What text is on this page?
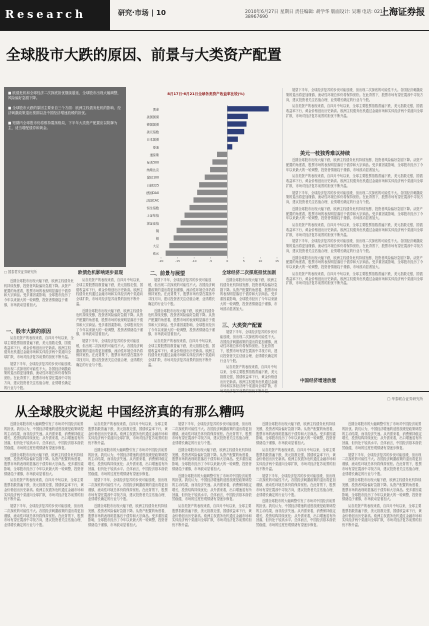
Research	研究·市场 | 10	2010年6月27日 星期日 责任编辑: 胡学华 版面设计: 吴珊 电话: 021-38967690	上海证券报
全球股市大跌的原因、前景与大类资产配置

■ 欧债危机和全球经济二次探底担忧继续蔓延，全球股市出现大幅调整，风险偏好急剧下降。

■ 全球股市大跌的原因主要来自三个方面：欧洲主权债务危机的影响、经济刺激政策退出预期以及中国经济增速放缓的担忧。

■ 短期内全球股市仍将维持震荡格局，下半年大类资产配置应以防御为主，适当增配债券和黄金。

8月17日-6月21日全球各类资产收益率比较(%)

-20	-15	-10	-5	0	5	10	15
黄金
美国国债
德国国债
美元指数
日本国债
原油
道琼斯
标普500
纳斯达克
富时100
日经225
德国DAX
法国CAC
恒生指数
上证综指
深证成指
铜
铝
大豆
欧元

展望下半年，全球经济复苏的步伐可能放缓，但出现二次探底的可能性不大。各国经济刺激政策的退出将更加谨慎，流动性环境总体仍将保持宽松。在此背景下，股票市场有望在震荡中寻找方向，建议投资者关注估值合理、业绩增长确定的行业与个股。

从各类资产的表现来看，自四月中旬以来，全球主要股票指数普遍下跌，美元指数走强，国债收益率下行，黄金价格创出历史新高。欧洲主权债务危机通过金融市场和实体经济两个渠道向全球扩散，市场对经济复苏前景的担忧不断升温。

美元一枝独秀难以持续

近期全球股市出现大幅下跌，欧洲主权债务危机持续发酵，投资者风险偏好急剧下降。从资产配置的角度看，股票市场的表现明显落后于债券和大宗商品。受多重因素影响，全球股市经历了今年以来最大的一轮调整，投资者情绪趋于谨慎，市场波动显著加大。

从各类资产的表现来看，自四月中旬以来，全球主要股票指数普遍下跌，美元指数走强，国债收益率下行，黄金价格创出历史新高。欧洲主权债务危机通过金融市场和实体经济两个渠道向全球扩散，市场对经济复苏前景的担忧不断升温。

展望下半年，全球经济复苏的步伐可能放缓，但出现二次探底的可能性不大。各国经济刺激政策的退出将更加谨慎，流动性环境总体仍将保持宽松。在此背景下，股票市场有望在震荡中寻找方向，建议投资者关注估值合理、业绩增长确定的行业与个股。

近期全球股市出现大幅下跌，欧洲主权债务危机持续发酵，投资者风险偏好急剧下降。从资产配置的角度看，股票市场的表现明显落后于债券和大宗商品。受多重因素影响，全球股市经历了今年以来最大的一轮调整，投资者情绪趋于谨慎，市场波动显著加大。

从各类资产的表现来看，自四月中旬以来，全球主要股票指数普遍下跌，美元指数走强，国债收益率下行，黄金价格创出历史新高。欧洲主权债务危机通过金融市场和实体经济两个渠道向全球扩散，市场对经济复苏前景的担忧不断升温。

展望下半年，全球经济复苏的步伐可能放缓，但出现二次探底的可能性不大。各国经济刺激政策的退出将更加谨慎，流动性环境总体仍将保持宽松。在此背景下，股票市场有望在震荡中寻找方向，建议投资者关注估值合理、业绩增长确定的行业与个股。

近期全球股市出现大幅下跌，欧洲主权债务危机持续发酵，投资者风险偏好急剧下降。从资产配置的角度看，股票市场的表现明显落后于债券和大宗商品。受多重因素影响，全球股市经历了今年以来最大的一轮调整，投资者情绪趋于谨慎，市场波动显著加大。

从各类资产的表现来看，自四月中旬以来，全球主要股票指数普遍下跌，美元指数走强，国债收益率下行，黄金价格创出历史新高。欧洲主权债务危机通过金融市场和实体经济两个渠道向全球扩散，市场对经济复苏前景的担忧不断升温。

□ 国泰君安证券研究所

近期全球股市出现大幅下跌，欧洲主权债务危机持续发酵，投资者风险偏好急剧下降。从资产配置的角度看，股票市场的表现明显落后于债券和大宗商品。受多重因素影响，全球股市经历了今年以来最大的一轮调整，投资者情绪趋于谨慎，市场波动显著加大。

一、股市大跌的原因

从各类资产的表现来看，自四月中旬以来，全球主要股票指数普遍下跌，美元指数走强，国债收益率下行，黄金价格创出历史新高。欧洲主权债务危机通过金融市场和实体经济两个渠道向全球扩散，市场对经济复苏前景的担忧不断升温。

展望下半年，全球经济复苏的步伐可能放缓，但出现二次探底的可能性不大。各国经济刺激政策的退出将更加谨慎，流动性环境总体仍将保持宽松。在此背景下，股票市场有望在震荡中寻找方向，建议投资者关注估值合理、业绩增长确定的行业与个股。

欧债危机影响逐步显现

从各类资产的表现来看，自四月中旬以来，全球主要股票指数普遍下跌，美元指数走强，国债收益率下行，黄金价格创出历史新高。欧洲主权债务危机通过金融市场和实体经济两个渠道向全球扩散，市场对经济复苏前景的担忧不断升温。

近期全球股市出现大幅下跌，欧洲主权债务危机持续发酵，投资者风险偏好急剧下降。从资产配置的角度看，股票市场的表现明显落后于债券和大宗商品。受多重因素影响，全球股市经历了今年以来最大的一轮调整，投资者情绪趋于谨慎，市场波动显著加大。

展望下半年，全球经济复苏的步伐可能放缓，但出现二次探底的可能性不大。各国经济刺激政策的退出将更加谨慎，流动性环境总体仍将保持宽松。在此背景下，股票市场有望在震荡中寻找方向，建议投资者关注估值合理、业绩增长确定的行业与个股。

二、前景与展望

展望下半年，全球经济复苏的步伐可能放缓，但出现二次探底的可能性不大。各国经济刺激政策的退出将更加谨慎，流动性环境总体仍将保持宽松。在此背景下，股票市场有望在震荡中寻找方向，建议投资者关注估值合理、业绩增长确定的行业与个股。

近期全球股市出现大幅下跌，欧洲主权债务危机持续发酵，投资者风险偏好急剧下降。从资产配置的角度看，股票市场的表现明显落后于债券和大宗商品。受多重因素影响，全球股市经历了今年以来最大的一轮调整，投资者情绪趋于谨慎，市场波动显著加大。

从各类资产的表现来看，自四月中旬以来，全球主要股票指数普遍下跌，美元指数走强，国债收益率下行，黄金价格创出历史新高。欧洲主权债务危机通过金融市场和实体经济两个渠道向全球扩散，市场对经济复苏前景的担忧不断升温。

全球经济二次探底担忧加剧

近期全球股市出现大幅下跌，欧洲主权债务危机持续发酵，投资者风险偏好急剧下降。从资产配置的角度看，股票市场的表现明显落后于债券和大宗商品。受多重因素影响，全球股市经历了今年以来最大的一轮调整，投资者情绪趋于谨慎，市场波动显著加大。

三、大类资产配置

展望下半年，全球经济复苏的步伐可能放缓，但出现二次探底的可能性不大。各国经济刺激政策的退出将更加谨慎，流动性环境总体仍将保持宽松。在此背景下，股票市场有望在震荡中寻找方向，建议投资者关注估值合理、业绩增长确定的行业与个股。

从各类资产的表现来看，自四月中旬以来，全球主要股票指数普遍下跌，美元指数走强，国债收益率下行，黄金价格创出历史新高。欧洲主权债务危机通过金融市场和实体经济两个渠道向全球扩散，市

中国经济增速放缓
□ 华泰联合证券研究所
从全球股灾说起 中国经济真的有那么糟吗

近期全球股市的大幅调整引发了市场对中国经济前景的担忧。我们认为，中国经济增速的适度放缓是政策调控的主动结果，而非经济失速。从内需来看，消费保持稳定增长，投资结构持续优化；从外需来看，出口增速虽有所回落，但仍处于较高水平。总体而言，中国经济基本面依然稳健，市场的过度悲观情绪有望逐步修复。

近期全球股市出现大幅下跌，欧洲主权债务危机持续发酵，投资者风险偏好急剧下降。从资产配置的角度看，股票市场的表现明显落后于债券和大宗商品。受多重因素影响，全球股市经历了今年以来最大的一轮调整，投资者情绪趋于谨慎，市场波动显著加大。

从各类资产的表现来看，自四月中旬以来，全球主要股票指数普遍下跌，美元指数走强，国债收益率下行，黄金价格创出历史新高。欧洲主权债务危机通过金融市场和实体经济两个渠道向全球扩散，市场对经济复苏前景的担忧不断升温。

展望下半年，全球经济复苏的步伐可能放缓，但出现二次探底的可能性不大。各国经济刺激政策的退出将更加谨慎，流动性环境总体仍将保持宽松。在此背景下，股票市场有望在震荡中寻找方向，建议投资者关注估值合理、业绩增长确定的行业与个股。

从各类资产的表现来看，自四月中旬以来，全球主要股票指数普遍下跌，美元指数走强，国债收益率下行，黄金价格创出历史新高。欧洲主权债务危机通过金融市场和实体经济两个渠道向全球扩散，市场对经济复苏前景的担忧不断升温。

近期全球股市的大幅调整引发了市场对中国经济前景的担忧。我们认为，中国经济增速的适度放缓是政策调控的主动结果，而非经济失速。从内需来看，消费保持稳定增长，投资结构持续优化；从外需来看，出口增速虽有所回落，但仍处于较高水平。总体而言，中国经济基本面依然稳健，市场的过度悲观情绪有望逐步修复。

展望下半年，全球经济复苏的步伐可能放缓，但出现二次探底的可能性不大。各国经济刺激政策的退出将更加谨慎，流动性环境总体仍将保持宽松。在此背景下，股票市场有望在震荡中寻找方向，建议投资者关注估值合理、业绩增长确定的行业与个股。

近期全球股市出现大幅下跌，欧洲主权债务危机持续发酵，投资者风险偏好急剧下降。从资产配置的角度看，股票市场的表现明显落后于债券和大宗商品。受多重因素影响，全球股市经历了今年以来最大的一轮调整，投资者情绪趋于谨慎，市场波动显著加大。

展望下半年，全球经济复苏的步伐可能放缓，但出现二次探底的可能性不大。各国经济刺激政策的退出将更加谨慎，流动性环境总体仍将保持宽松。在此背景下，股票市场有望在震荡中寻找方向，建议投资者关注估值合理、业绩增长确定的行业与个股。

近期全球股市出现大幅下跌，欧洲主权债务危机持续发酵，投资者风险偏好急剧下降。从资产配置的角度看，股票市场的表现明显落后于债券和大宗商品。受多重因素影响，全球股市经历了今年以来最大的一轮调整，投资者情绪趋于谨慎，市场波动显著加大。

近期全球股市的大幅调整引发了市场对中国经济前景的担忧。我们认为，中国经济增速的适度放缓是政策调控的主动结果，而非经济失速。从内需来看，消费保持稳定增长，投资结构持续优化；从外需来看，出口增速虽有所回落，但仍处于较高水平。总体而言，中国经济基本面依然稳健，市场的过度悲观情绪有望逐步修复。

从各类资产的表现来看，自四月中旬以来，全球主要股票指数普遍下跌，美元指数走强，国债收益率下行，黄金价格创出历史新高。欧洲主权债务危机通过金融市场和实体经济两个渠道向全球扩散，市场对经济复苏前景的担忧不断升温。

近期全球股市出现大幅下跌，欧洲主权债务危机持续发酵，投资者风险偏好急剧下降。从资产配置的角度看，股票市场的表现明显落后于债券和大宗商品。受多重因素影响，全球股市经历了今年以来最大的一轮调整，投资者情绪趋于谨慎，市场波动显著加大。

从各类资产的表现来看，自四月中旬以来，全球主要股票指数普遍下跌，美元指数走强，国债收益率下行，黄金价格创出历史新高。欧洲主权债务危机通过金融市场和实体经济两个渠道向全球扩散，市场对经济复苏前景的担忧不断升温。

展望下半年，全球经济复苏的步伐可能放缓，但出现二次探底的可能性不大。各国经济刺激政策的退出将更加谨慎，流动性环境总体仍将保持宽松。在此背景下，股票市场有望在震荡中寻找方向，建议投资者关注估值合理、业绩增长确定的行业与个股。

近期全球股市的大幅调整引发了市场对中国经济前景的担忧。我们认为，中国经济增速的适度放缓是政策调控的主动结果，而非经济失速。从内需来看，消费保持稳定增长，投资结构持续优化；从外需来看，出口增速虽有所回落，但仍处于较高水平。总体而言，中国经济基本面依然稳健，市场的过度悲观情绪有望逐步修复。

近期全球股市的大幅调整引发了市场对中国经济前景的担忧。我们认为，中国经济增速的适度放缓是政策调控的主动结果，而非经济失速。从内需来看，消费保持稳定增长，投资结构持续优化；从外需来看，出口增速虽有所回落，但仍处于较高水平。总体而言，中国经济基本面依然稳健，市场的过度悲观情绪有望逐步修复。

展望下半年，全球经济复苏的步伐可能放缓，但出现二次探底的可能性不大。各国经济刺激政策的退出将更加谨慎，流动性环境总体仍将保持宽松。在此背景下，股票市场有望在震荡中寻找方向，建议投资者关注估值合理、业绩增长确定的行业与个股。

近期全球股市出现大幅下跌，欧洲主权债务危机持续发酵，投资者风险偏好急剧下降。从资产配置的角度看，股票市场的表现明显落后于债券和大宗商品。受多重因素影响，全球股市经历了今年以来最大的一轮调整，投资者情绪趋于谨慎，市场波动显著加大。

从各类资产的表现来看，自四月中旬以来，全球主要股票指数普遍下跌，美元指数走强，国债收益率下行，黄金价格创出历史新高。欧洲主权债务危机通过金融市场和实体经济两个渠道向全球扩散，市场对经济复苏前景的担忧不断升温。
